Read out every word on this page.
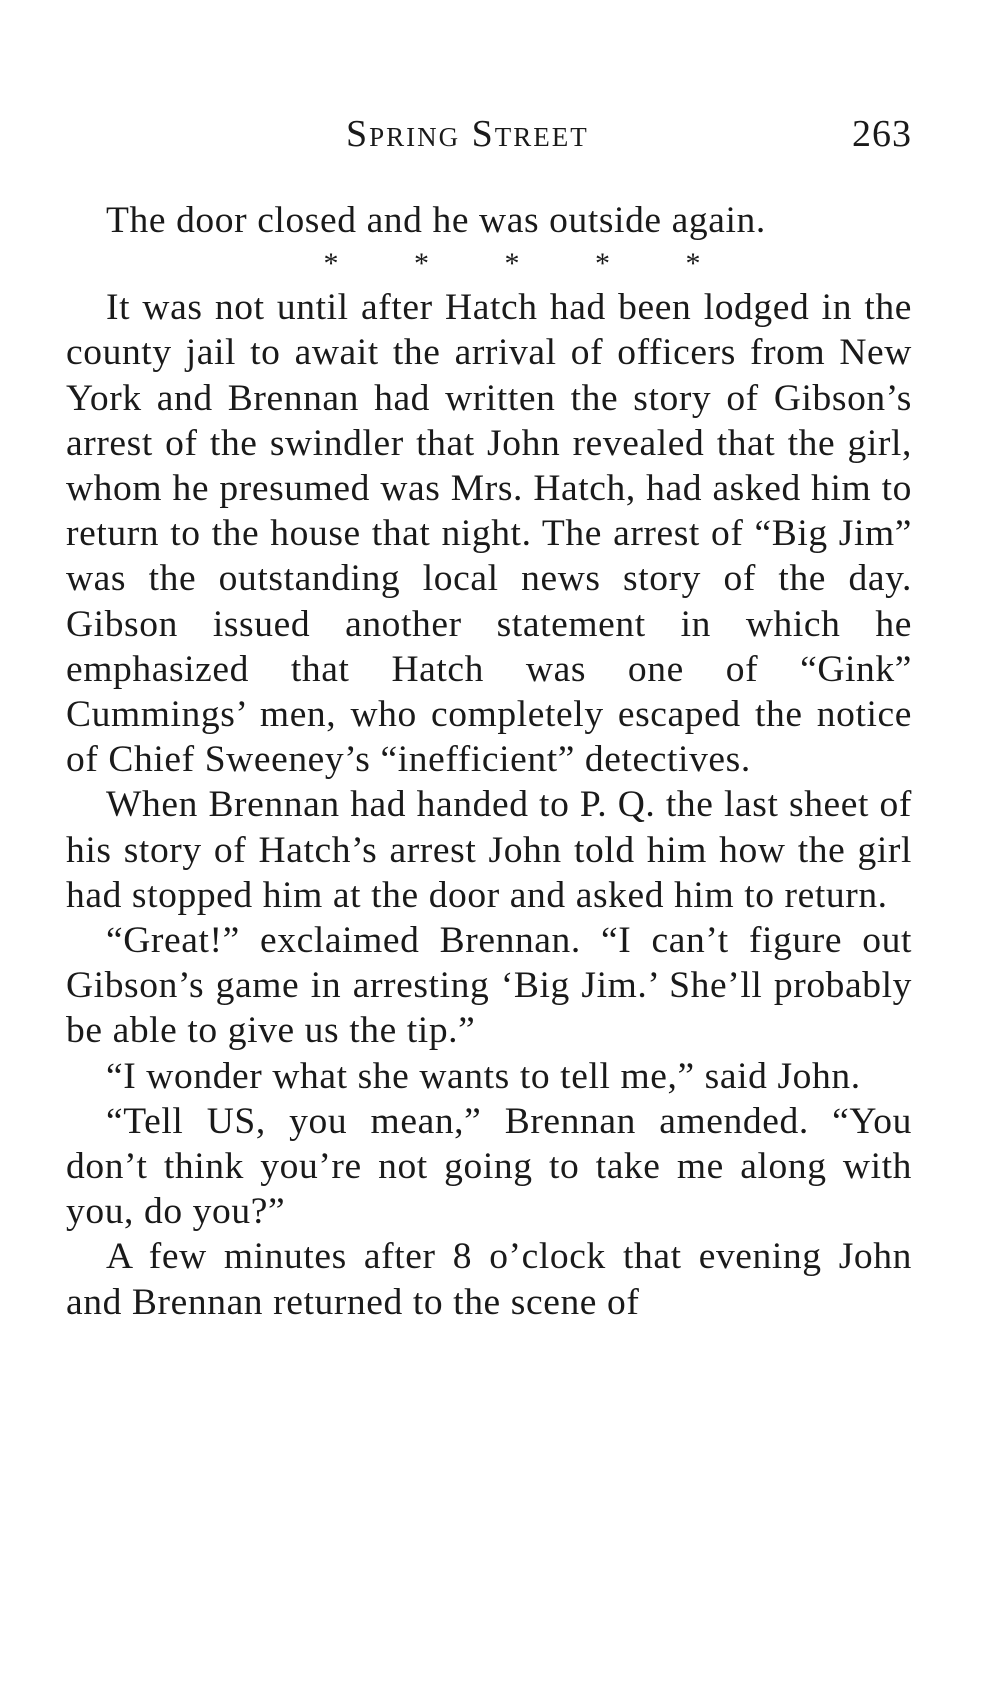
Spring Street	263

The door closed and he was outside again.

* * * * *

It was not until after Hatch had been lodged in the county jail to await the arrival of officers from New York and Brennan had written the story of Gibson’s arrest of the swindler that John revealed that the girl, whom he presumed was Mrs. Hatch, had asked him to return to the house that night. The arrest of “Big Jim” was the outstanding local news story of the day. Gibson issued another statement in which he emphasized that Hatch was one of “Gink” Cummings’ men, who completely escaped the notice of Chief Sweeney’s “inefficient” detectives.

When Brennan had handed to P. Q. the last sheet of his story of Hatch’s arrest John told him how the girl had stopped him at the door and asked him to return.

“Great!” exclaimed Brennan. “I can’t figure out Gibson’s game in arresting ‘Big Jim.’ She’ll probably be able to give us the tip.”

“I wonder what she wants to tell me,” said John.

“Tell US, you mean,” Brennan amended. “You don’t think you’re not going to take me along with you, do you?”

A few minutes after 8 o’clock that evening John and Brennan returned to the scene of
